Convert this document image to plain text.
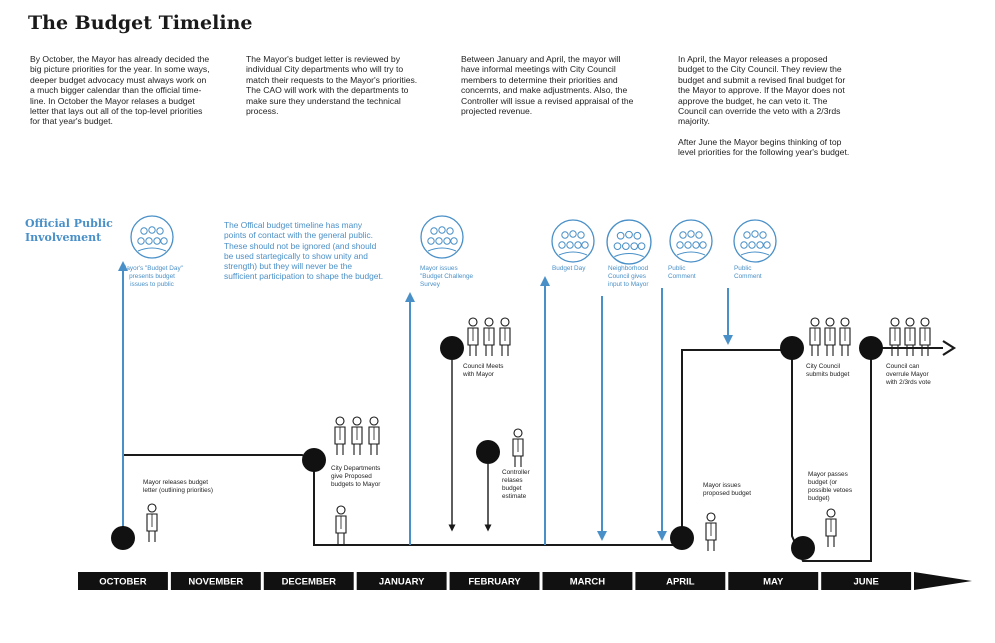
The Budget Timeline

By October, the Mayor has already decided the big picture priorities for the year. In some ways, deeper budget advocacy must always work on a much bigger calendar than the official time-line. In October the Mayor relases a budget letter that lays out all of the top-level priorities for that year's budget.

The Mayor's budget letter is reviewed by individual City departments who will try to match their requests to the Mayor's priorities. The CAO will work with the departments to make sure they understand the technical process.

Between January and April, the mayor will have informal meetings with City Council members to determine their priorities and concernts, and make adjustments. Also, the Controller will issue a revised appraisal of the projected revenue.

In April, the Mayor releases a proposed budget to the City Council. They review the budget and submit a revised final budget for the Mayor to approve. If the Mayor does not approve the budget, he can veto it. The Council can override the veto with a 2/3rds majority.

After June the Mayor begins thinking of top level priorities for the following year's budget.

Official Public
Involvement
The Offical budget timeline has many points of contact with the general public. These should not be ignored (and should be used startegically to show unity and strength) but they will never be the sufficient participation to shape the budget.
OCTOBER	NOVEMBER	DECEMBER	JANUARY	FEBRUARY	MARCH	APRIL	MAY	JUNE
Mayor releases budget letter (outlining priorities)
City Departments give Proposed budgets to Mayor
Council Meets with Mayor
Controller relases budget estimate
Mayor issues proposed budget
City Council submits budget
Mayor passes budget (or possible vetoes budget)
Council can overrule Mayor with 2/3rds vote
Mayor's "Budget Day" presents budget issues to public
Mayor issues "Budget Challenge Survey
Budget Day	Neighborhood Council gives input to Mayor
Public Comment
Public Comment
